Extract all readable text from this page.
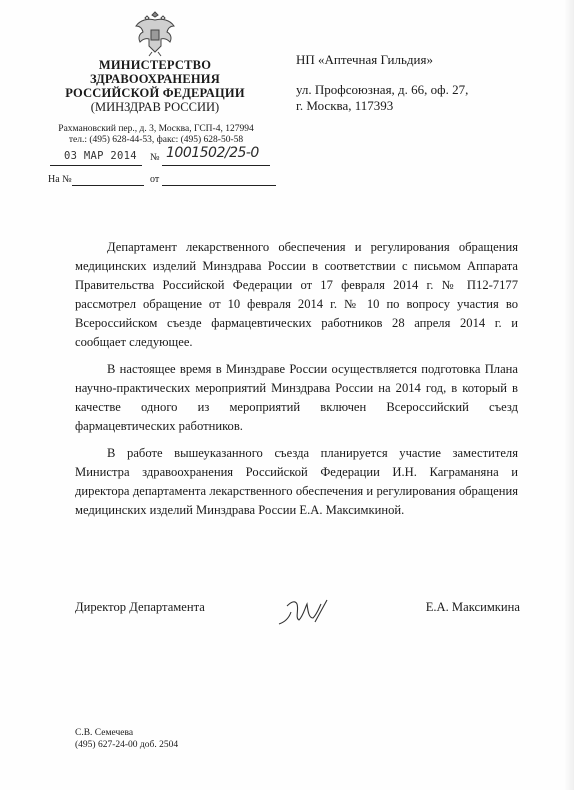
МИНИСТЕРСТВО
ЗДРАВООХРАНЕНИЯ
РОССИЙСКОЙ ФЕДЕРАЦИИ
(МИНЗДРАВ РОССИИ)
Рахмановский пер., д. 3, Москва, ГСП-4, 127994
тел.: (495) 628-44-53, факс: (495) 628-50-58
03 МАР 2014 № 1001502/25-0
На №	от
НП «Аптечная Гильдия»
ул. Профсоюзная, д. 66, оф. 27,
г. Москва, 117393

Департамент лекарственного обеспечения и регулирования обращения медицинских изделий Минздрава России в соответствии с письмом Аппарата Правительства Российской Федерации от 17 февраля 2014 г. № П12-7177 рассмотрел обращение от 10 февраля 2014 г. № 10 по вопросу участия во Всероссийском съезде фармацевтических работников 28 апреля 2014 г. и сообщает следующее.

В настоящее время в Минздраве России осуществляется подготовка Плана научно-практических мероприятий Минздрава России на 2014 год, в который в качестве одного из мероприятий включен Всероссийский съезд фармацевтических работников.

В работе вышеуказанного съезда планируется участие заместителя Министра здравоохранения Российской Федерации И.Н. Каграманяна и директора департамента лекарственного обеспечения и регулирования обращения медицинских изделий Минздрава России Е.А. Максимкиной.

Директор Департамента	Е.А. Максимкина
С.В. Семечева
(495) 627-24-00 доб. 2504
